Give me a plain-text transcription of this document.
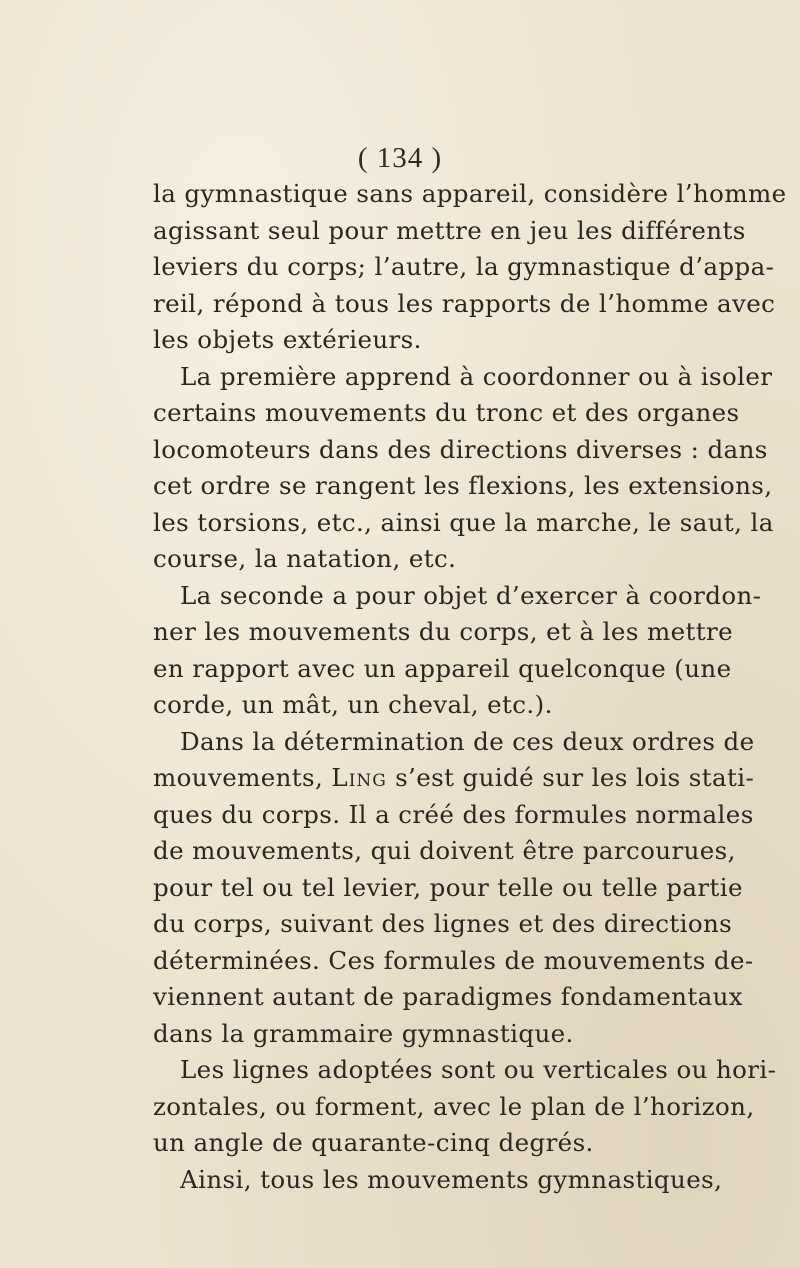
( 134 )
la gymnastique sans appareil, considère l’homme
agissant seul pour mettre en jeu les différents
leviers du corps; l’autre, la gymnastique d’appa-
reil, répond à tous les rapports de l’homme avec
les objets extérieurs.
La première apprend à coordonner ou à isoler
certains mouvements du tronc et des organes
locomoteurs dans des directions diverses : dans
cet ordre se rangent les flexions, les extensions,
les torsions, etc., ainsi que la marche, le saut, la
course, la natation, etc.
La seconde a pour objet d’exercer à coordon-
ner les mouvements du corps, et à les mettre
en rapport avec un appareil quelconque (une
corde, un mât, un cheval, etc.).
Dans la détermination de ces deux ordres de
mouvements, Ling s’est guidé sur les lois stati-
ques du corps. Il a créé des formules normales
de mouvements, qui doivent être parcourues,
pour tel ou tel levier, pour telle ou telle partie
du corps, suivant des lignes et des directions
déterminées. Ces formules de mouvements de-
viennent autant de paradigmes fondamentaux
dans la grammaire gymnastique.
Les lignes adoptées sont ou verticales ou hori-
zontales, ou forment, avec le plan de l’horizon,
un angle de quarante-cinq degrés.
Ainsi, tous les mouvements gymnastiques,
